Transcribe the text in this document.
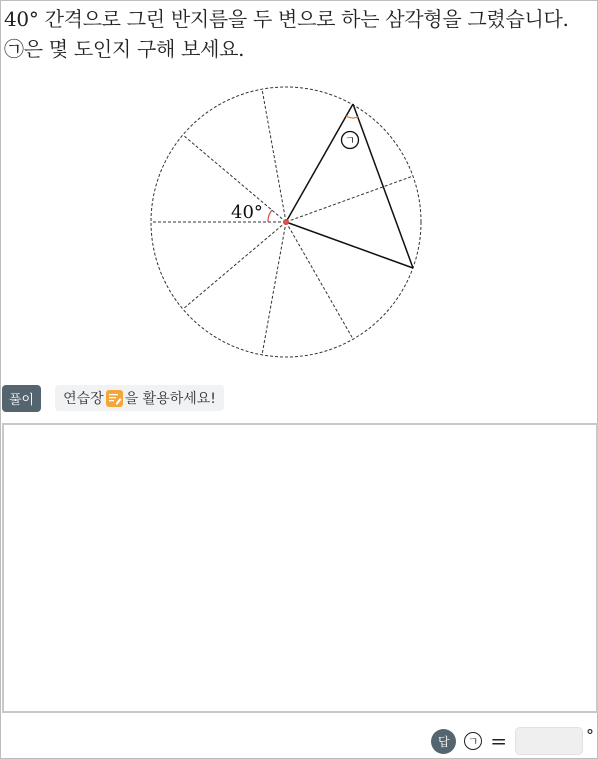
40° 간격으로 그린 반지름을 두 변으로 하는 삼각형을 그렸습니다. ㉠은 몇 도인지 구해 보세요.
40°
ㄱ
풀이	연습장 을 활용하세요!
답	ㄱ =	°
